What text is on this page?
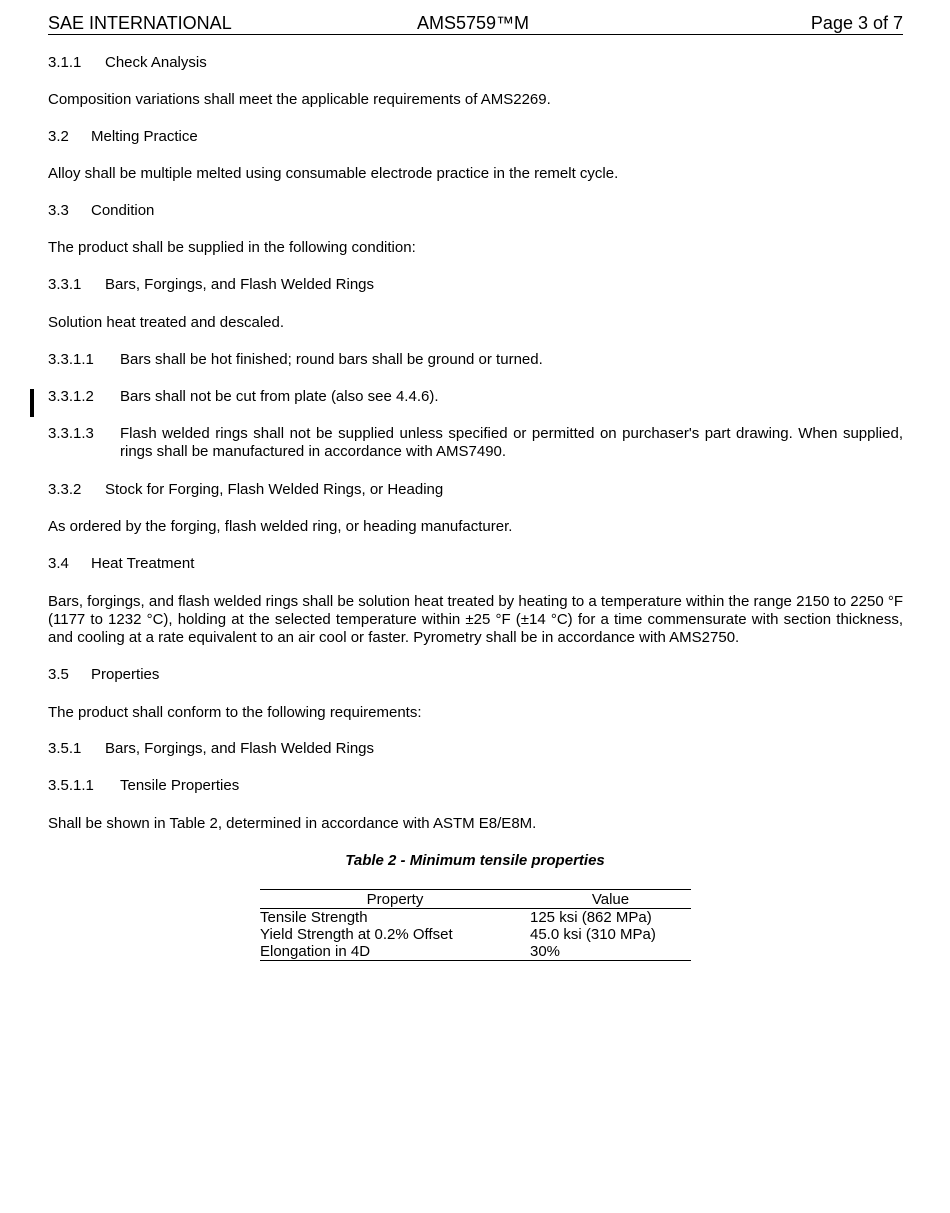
SAE INTERNATIONAL	AMS5759™M	Page 3 of 7
3.1.1 Check Analysis
Composition variations shall meet the applicable requirements of AMS2269.
3.2 Melting Practice
Alloy shall be multiple melted using consumable electrode practice in the remelt cycle.
3.3 Condition
The product shall be supplied in the following condition:
3.3.1 Bars, Forgings, and Flash Welded Rings
Solution heat treated and descaled.
3.3.1.1 Bars shall be hot finished; round bars shall be ground or turned.
3.3.1.2 Bars shall not be cut from plate (also see 4.4.6).
3.3.1.3 Flash welded rings shall not be supplied unless specified or permitted on purchaser's part drawing. When supplied, rings shall be manufactured in accordance with AMS7490.
3.3.2 Stock for Forging, Flash Welded Rings, or Heading
As ordered by the forging, flash welded ring, or heading manufacturer.
3.4 Heat Treatment
Bars, forgings, and flash welded rings shall be solution heat treated by heating to a temperature within the range 2150 to 2250 °F (1177 to 1232 °C), holding at the selected temperature within ±25 °F (±14 °C) for a time commensurate with section thickness, and cooling at a rate equivalent to an air cool or faster. Pyrometry shall be in accordance with AMS2750.
3.5 Properties
The product shall conform to the following requirements:
3.5.1 Bars, Forgings, and Flash Welded Rings
3.5.1.1 Tensile Properties
Shall be shown in Table 2, determined in accordance with ASTM E8/E8M.
Table 2 - Minimum tensile properties
Property	Value
Tensile Strength	125 ksi (862 MPa)
Yield Strength at 0.2% Offset	45.0 ksi (310 MPa)
Elongation in 4D	30%
